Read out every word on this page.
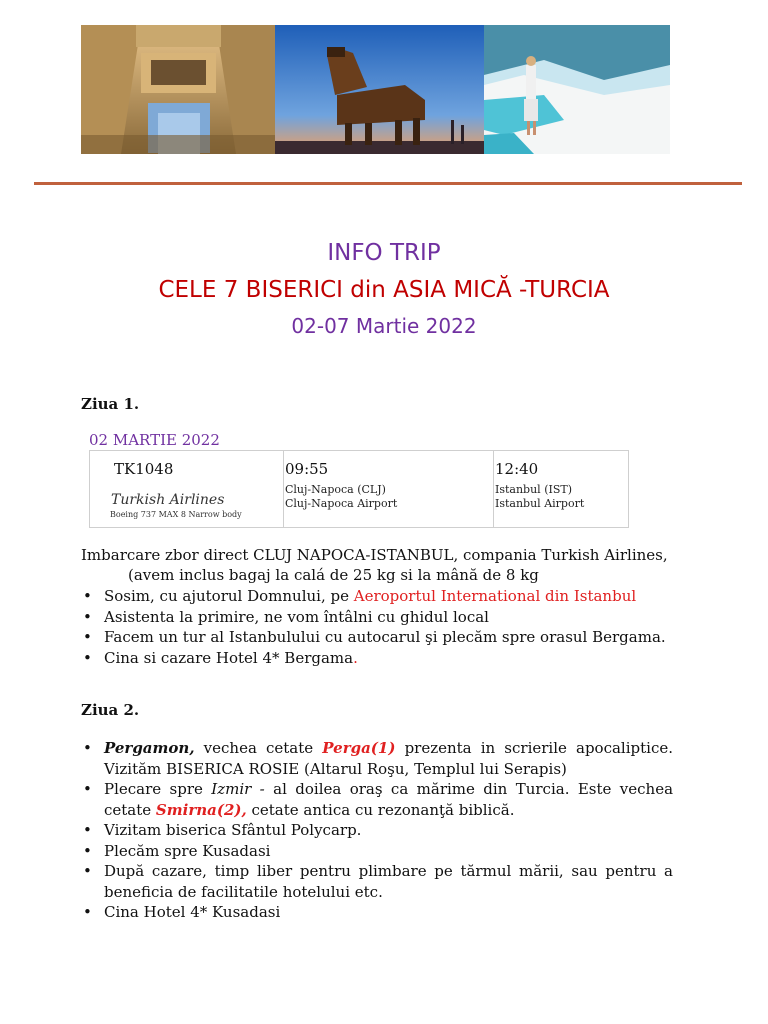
INFO TRIP
CELE 7 BISERICI din ASIA MICĂ -TURCIA
02-07 Martie 2022
Ziua 1.
02 MARTIE 2022
TK1048
Turkish Airlines
Boeing 737 MAX 8 Narrow body

09:55
Cluj-Napoca (CLJ)
Cluj-Napoca Airport

12:40
Istanbul (IST)
Istanbul Airport
Imbarcare zbor direct CLUJ NAPOCA-ISTANBUL, compania Turkish Airlines,
(avem inclus bagaj la calá de 25 kg si la mână de 8 kg
• Sosim, cu ajutorul Domnului, pe Aeroportul International din Istanbul
• Asistenta la primire, ne vom întâlni cu ghidul local
• Facem un tur al Istanbulului cu autocarul şi plecăm spre orasul Bergama.
• Cina si cazare Hotel 4* Bergama.
Ziua 2.
• Pergamon, vechea cetate Perga(1) prezenta in scrierile apocaliptice. Vizităm BISERICA ROSIE (Altarul Roşu, Templul lui Serapis)
• Plecare spre Izmir - al doilea oraş ca mărime din Turcia. Este vechea cetate Smirna(2), cetate antica cu rezonanţă biblică.
• Vizitam biserica Sfântul Polycarp.
• Plecăm spre Kusadasi
• După cazare, timp liber pentru plimbare pe tărmul mării, sau pentru a beneficia de facilitatile hotelului etc.
• Cina Hotel 4* Kusadasi
